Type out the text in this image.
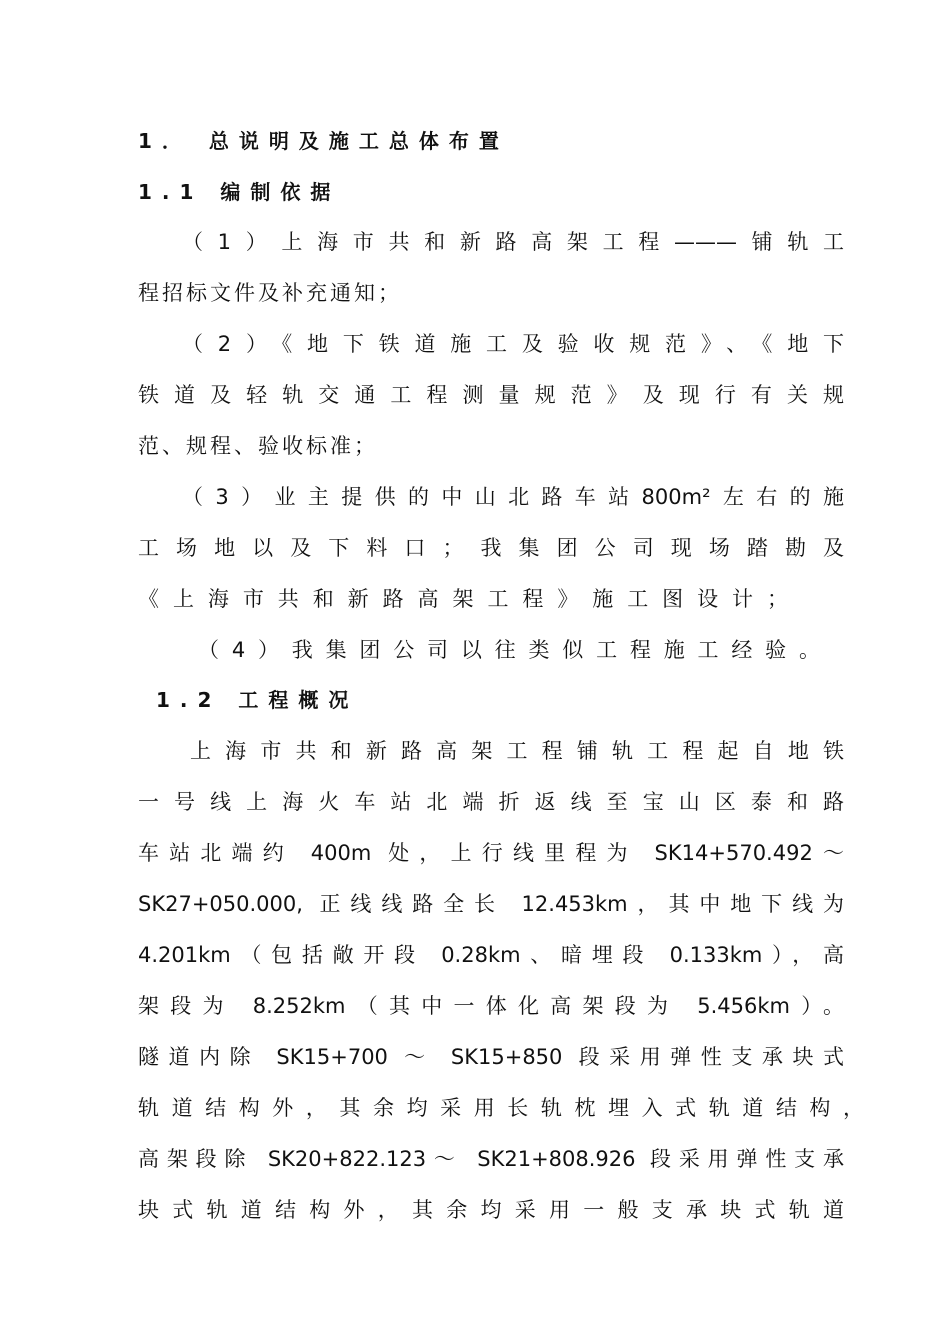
1． 总说明及施工总体布置
1.1 编制依据
（1）上海市共和新路高架工程———铺轨工
程招标文件及补充通知；
（2）《地下铁道施工及验收规范》、《地下
铁道及轻轨交通工程测量规范》及现行有关规
范、规程、验收标准；
（3）业主提供的中山北路车站800m²左右的施
工场地以及下料口；我集团公司现场踏勘及
《上海市共和新路高架工程》施工图设计；
（4）我集团公司以往类似工程施工经验。
1.2 工程概况
上海市共和新路高架工程铺轨工程起自地铁
一号线上海火车站北端折返线至宝山区泰和路
车站北端约 400m 处，上行线里程为 SK14+570.492～
SK27+050.000, 正线线路全长 12.453km，其中地下线为
4.201km（包括敞开段 0.28km、暗埋段 0.133km），高
架段为 8.252km（其中一体化高架段为 5.456km）。
隧道内除 SK15+700 ～ SK15+850 段采用弹性支承块式
轨道结构外，其余均采用长轨枕埋入式轨道结构，
高架段除 SK20+822.123～ SK21+808.926 段采用弹性支承
块式轨道结构外，其余均采用一般支承块式轨道
